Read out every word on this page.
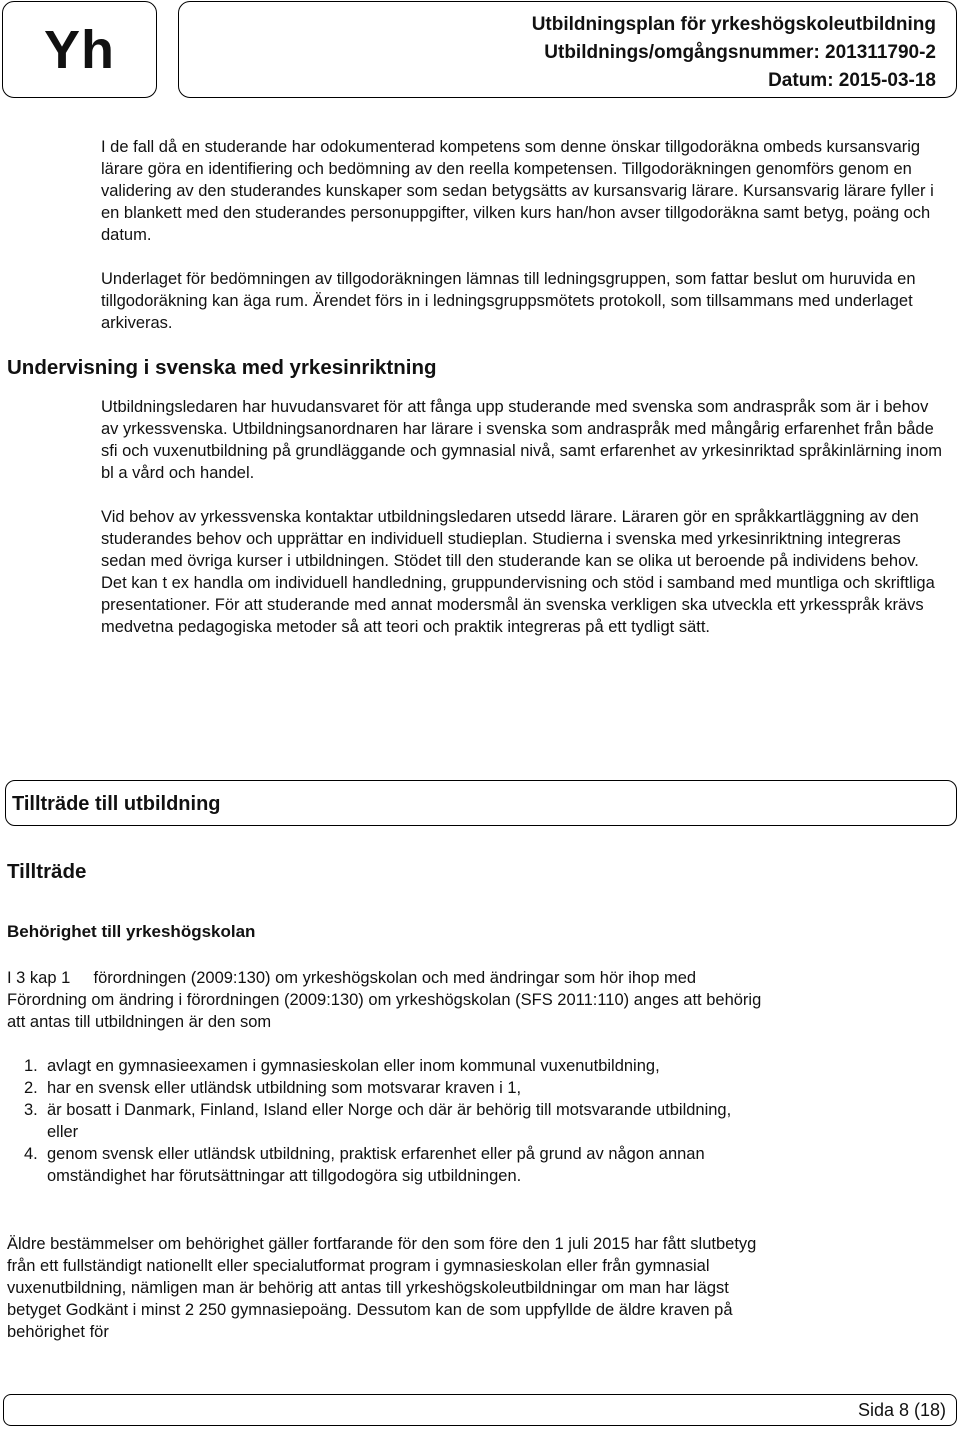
Yh	Utbildningsplan för yrkeshögskoleutbildning
Utbildnings/omgångsnummer: 201311790-2
Datum: 2015-03-18

I de fall då en studerande har odokumenterad kompetens som denne önskar tillgodoräkna ombeds kursansvarig lärare göra en identifiering och bedömning av den reella kompetensen. Tillgodoräkningen genomförs genom en validering av den studerandes kunskaper som sedan betygsätts av kursansvarig lärare. Kursansvarig lärare fyller i en blankett med den studerandes personuppgifter, vilken kurs han/hon avser tillgodoräkna samt betyg, poäng och datum.

Underlaget för bedömningen av tillgodoräkningen lämnas till ledningsgruppen, som fattar beslut om huruvida en tillgodoräkning kan äga rum. Ärendet förs in i ledningsgruppsmötets protokoll, som tillsammans med underlaget arkiveras.

Undervisning i svenska med yrkesinriktning

Utbildningsledaren har huvudansvaret för att fånga upp studerande med svenska som andraspråk som är i behov av yrkessvenska. Utbildningsanordnaren har lärare i svenska som andraspråk med mångårig erfarenhet från både sfi och vuxenutbildning på grundläggande och gymnasial nivå, samt erfarenhet av yrkesinriktad språkinlärning inom bl a vård och handel.

Vid behov av yrkessvenska kontaktar utbildningsledaren utsedd lärare. Läraren gör en språkkartläggning av den studerandes behov och upprättar en individuell studieplan. Studierna i svenska med yrkesinriktning integreras sedan med övriga kurser i utbildningen. Stödet till den studerande kan se olika ut beroende på individens behov. Det kan t ex handla om individuell handledning, gruppundervisning och stöd i samband med muntliga och skriftliga presentationer. För att studerande med annat modersmål än svenska verkligen ska utveckla ett yrkesspråk krävs medvetna pedagogiska metoder så att teori och praktik integreras på ett tydligt sätt.

Tillträde till utbildning
Tillträde
Behörighet till yrkeshögskolan

I 3 kap 1   förordningen (2009:130) om yrkeshögskolan och med ändringar som hör ihop med Förordning om ändring i förordningen (2009:130) om yrkeshögskolan (SFS 2011:110) anges att behörig att antas till utbildningen är den som

1. avlagt en gymnasieexamen i gymnasieskolan eller inom kommunal vuxenutbildning,
2. har en svensk eller utländsk utbildning som motsvarar kraven i 1,
3. är bosatt i Danmark, Finland, Island eller Norge och där är behörig till motsvarande utbildning, eller
4. genom svensk eller utländsk utbildning, praktisk erfarenhet eller på grund av någon annan omständighet har förutsättningar att tillgodogöra sig utbildningen.

Äldre bestämmelser om behörighet gäller fortfarande för den som före den 1 juli 2015 har fått slutbetyg från ett fullständigt nationellt eller specialutformat program i gymnasieskolan eller från gymnasial vuxenutbildning, nämligen man är behörig att antas till yrkeshögskoleutbildningar om man har lägst betyget Godkänt i minst 2 250 gymnasiepoäng. Dessutom kan de som uppfyllde de äldre kraven på behörighet för

Sida 8 (18)
